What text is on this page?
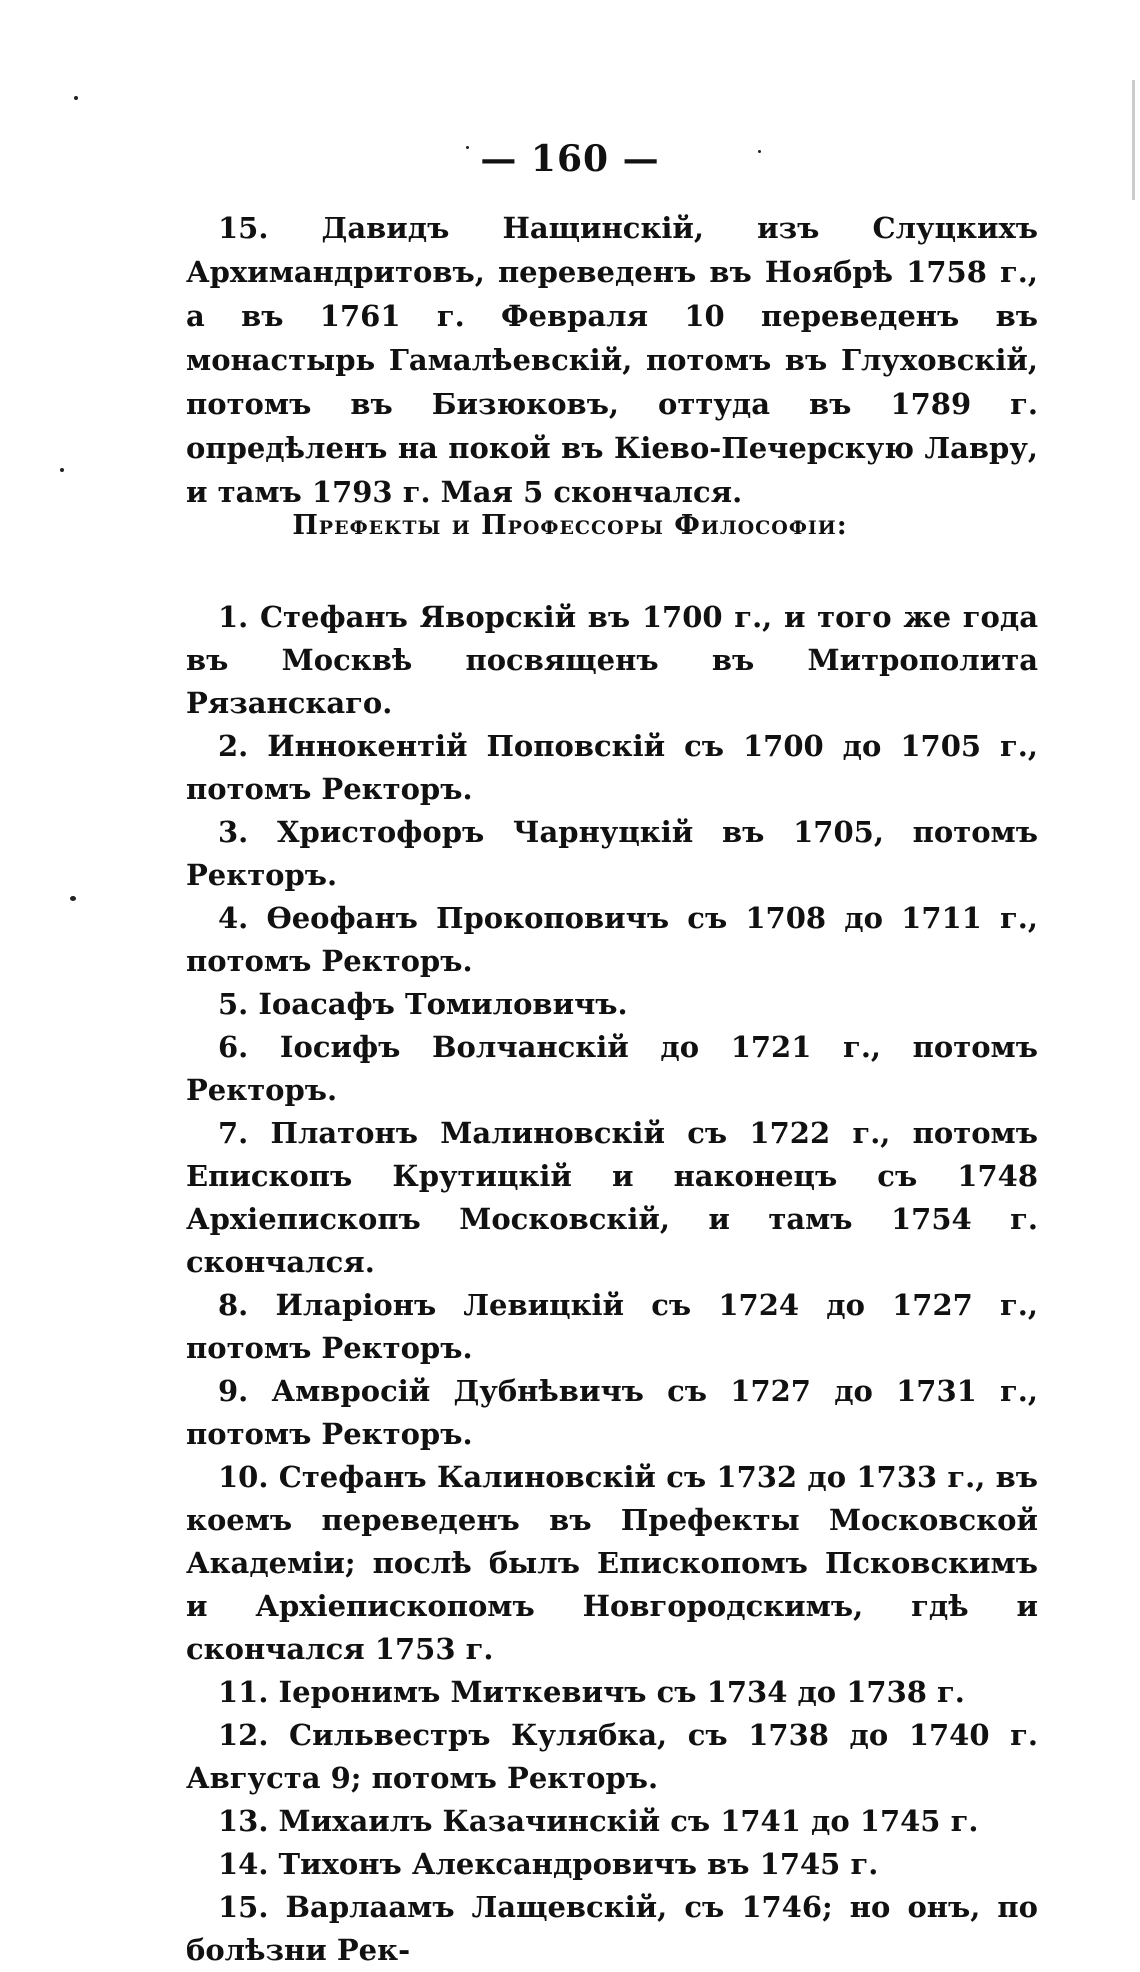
— 160 —

15. Давидъ Нащинскій, изъ Слуцкихъ Архимандритовъ, переведенъ въ Ноябрѣ 1758 г., а въ 1761 г. Февраля 10 переведенъ въ монастырь Гамалѣевскій, потомъ въ Глуховскій, потомъ въ Бизюковъ, оттуда въ 1789 г. опредѣленъ на покой въ Кіево-Печерскую Лавру, и тамъ 1793 г. Мая 5 скончался.

Префекты и Профессоры Философіи:

1. Стефанъ Яворскій въ 1700 г., и того же года въ Москвѣ посвященъ въ Митрополита Рязанскаго.

2. Иннокентій Поповскій съ 1700 до 1705 г., потомъ Ректоръ.

3. Христофоръ Чарнуцкій въ 1705, потомъ Ректоръ.

4. Ѳеофанъ Прокоповичъ съ 1708 до 1711 г., потомъ Ректоръ.

5. Іоасафъ Томиловичъ.

6. Іосифъ Волчанскій до 1721 г., потомъ Ректоръ.

7. Платонъ Малиновскій съ 1722 г., потомъ Епископъ Крутицкій и наконецъ съ 1748 Архіепископъ Московскій, и тамъ 1754 г. скончался.

8. Иларіонъ Левицкій съ 1724 до 1727 г., потомъ Ректоръ.

9. Амвросій Дубнѣвичъ съ 1727 до 1731 г., потомъ Ректоръ.

10. Стефанъ Калиновскій съ 1732 до 1733 г., въ коемъ переведенъ въ Префекты Московской Академіи; послѣ былъ Епископомъ Псковскимъ и Архіепископомъ Новгородскимъ, гдѣ и скончался 1753 г.

11. Іеронимъ Миткевичъ съ 1734 до 1738 г.

12. Сильвестръ Кулябка, съ 1738 до 1740 г. Августа 9; потомъ Ректоръ.

13. Михаилъ Казачинскій съ 1741 до 1745 г.

14. Тихонъ Александровичъ въ 1745 г.

15. Варлаамъ Лащевскій, съ 1746; но онъ, по болѣзни Рек-
